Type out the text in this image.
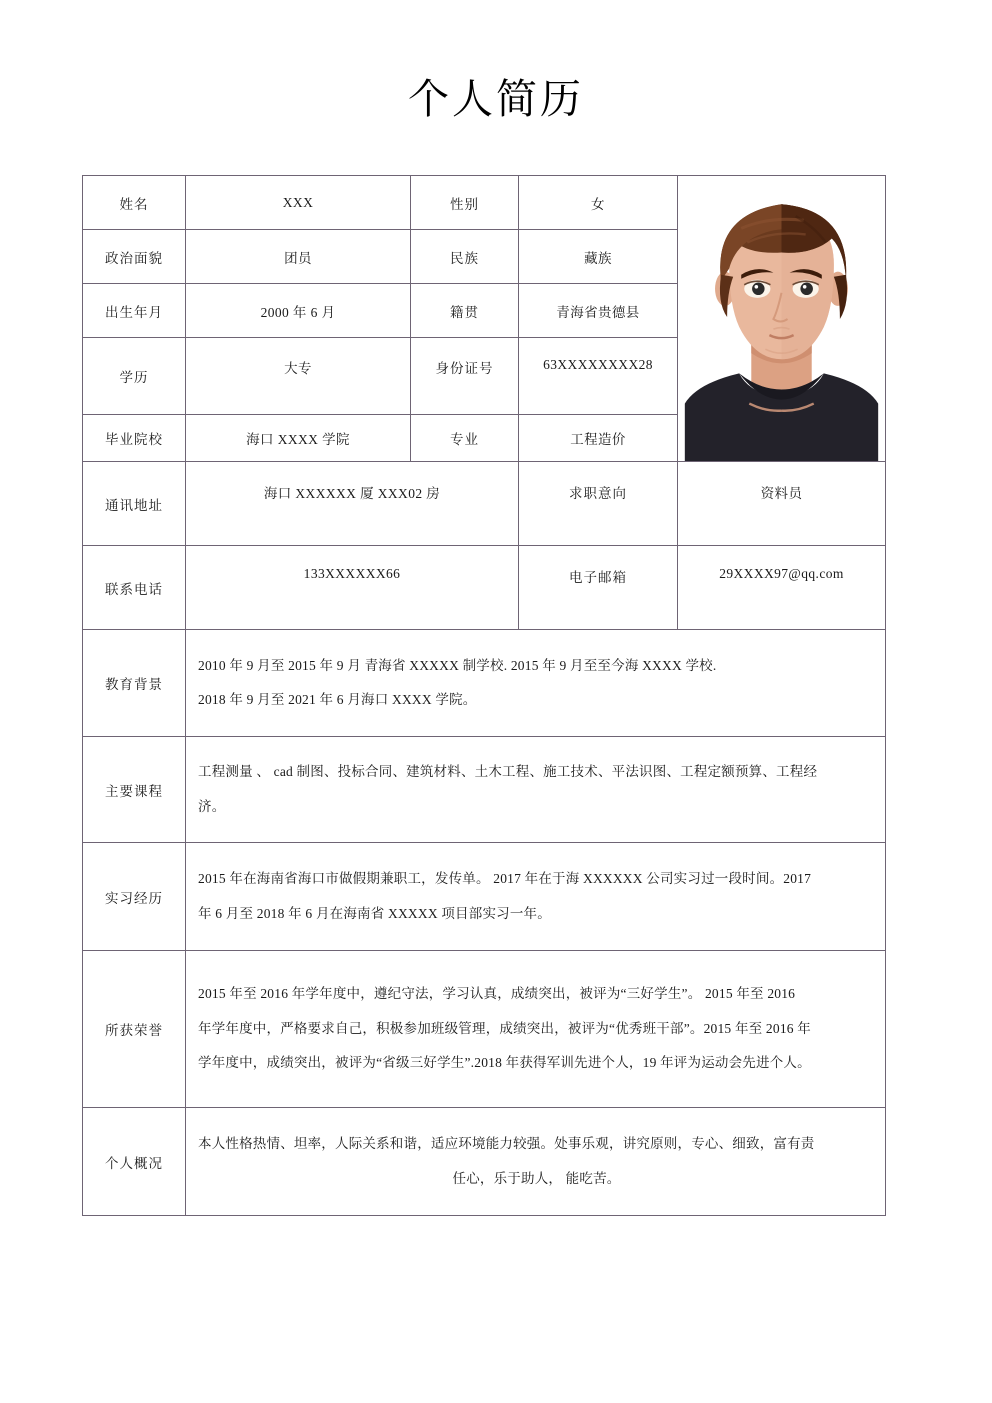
个人简历
姓名	XXX	性别	女	

政治面貌	团员	民族	藏族	
出生年月	2000 年 6 月	籍贯	青海省贵德县	
学历	大专	身份证号	63XXXXXXXX28	
毕业院校	海口 XXXX 学院	专业	工程造价	
通讯地址	海口 XXXXXX 厦 XXX02 房		求职意向	资料员
联系电话	133XXXXXX66		电子邮箱	29XXXX97@qq.com
教育背景	2010 年 9 月至 2015 年 9 月 青海省 XXXXX 制学校. 2015 年 9 月至至今海 XXXX 学校.

2018 年 9 月至 2021 年 6 月海口 XXXX 学院。			

主要课程	工程测量 、 cad 制图、投标合同、建筑材料、土木工程、施工技术、平法识图、工程定额预算、工程经

济。			

实习经历	2015 年在海南省海口市做假期兼职工，发传单。 2017 年在于海 XXXXXX 公司实习过一段时间。2017

年 6 月至 2018 年 6 月在海南省 XXXXX 项目部实习一年。			

所获荣誉	2015 年至 2016 年学年度中，遵纪守法，学习认真，成绩突出，被评为“三好学生”。 2015 年至 2016

年学年度中，严格要求自己，积极参加班级管理，成绩突出，被评为“优秀班干部”。2015 年至 2016 年

学年度中，成绩突出，被评为“省级三好学生”.2018 年获得军训先进个人，19 年评为运动会先进个人。			

个人概况	本人性格热情、坦率，人际关系和谐，适应环境能力较强。处事乐观，讲究原则，专心、细致，富有责

任心，乐于助人， 能吃苦。			
